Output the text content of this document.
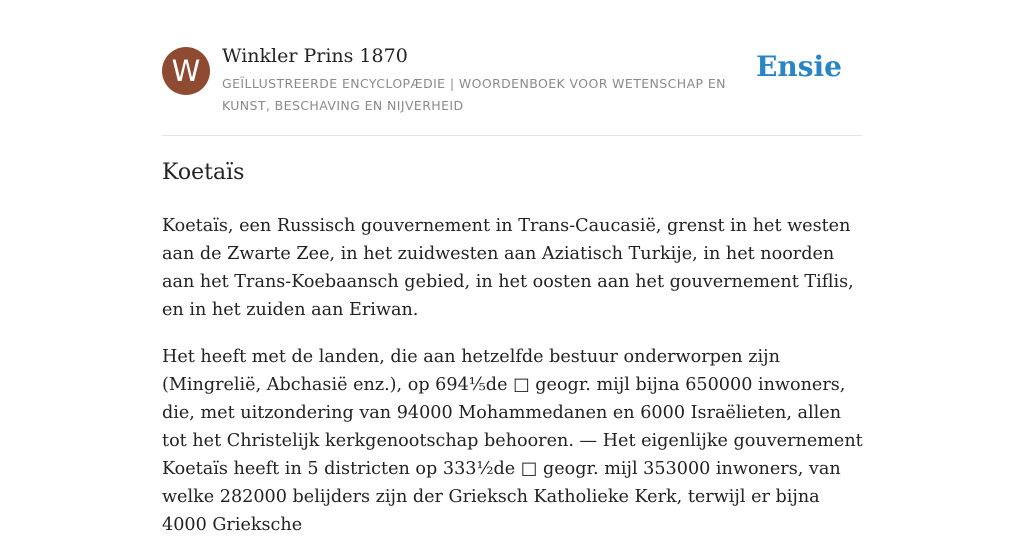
W	Winkler Prins 1870
GEÏLLUSTREERDE ENCYCLOPÆDIE | WOORDENBOEK VOOR WETENSCHAP EN KUNST, BESCHAVING EN NIJVERHEID
Ensie
Koetaïs

Koetaïs, een Russisch gouvernement in Trans-Caucasië, grenst in het westen aan de Zwarte Zee, in het zuidwesten aan Aziatisch Turkije, in het noorden aan het Trans-Koebaansch gebied, in het oosten aan het gouvernement Tiflis, en in het zuiden aan Eriwan.

Het heeft met de landen, die aan hetzelfde bestuur onderworpen zijn (Mingrelië, Abchasië enz.), op 694⅕de □ geogr. mijl bijna 650000 inwoners, die, met uitzondering van 94000 Mohammedanen en 6000 Israëlieten, allen tot het Christelijk kerkgenootschap behooren. — Het eigenlijke gouvernement Koetaïs heeft in 5 districten op 333½de □ geogr. mijl 353000 inwoners, van welke 282000 belijders zijn der Grieksch Katholieke Kerk, terwijl er bijna 4000 Grieksche
